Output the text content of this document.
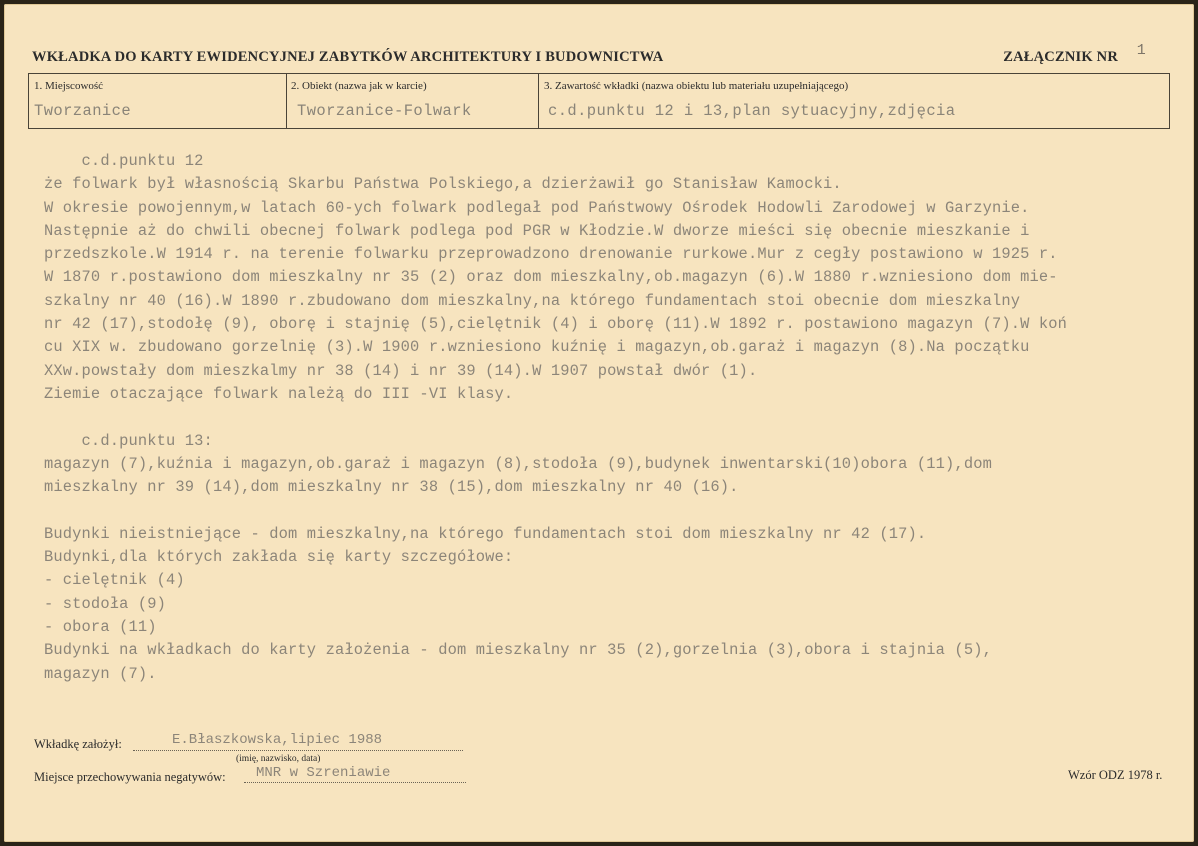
WKŁADKA DO KARTY EWIDENCYJNEJ ZABYTKÓW ARCHITEKTURY I BUDOWNICTWA	ZAŁĄCZNIK NR 1
1. Miejscowość
Tworzanice
2. Obiekt (nazwa jak w karcie)
Tworzanice-Folwark
3. Zawartość wkładki (nazwa obiektu lub materiału uzupełniającego)
c.d.punktu 12 i 13,plan sytuacyjny,zdjęcia
c.d.punktu 12
że folwark był własnością Skarbu Państwa Polskiego,a dzierżawił go Stanisław Kamocki.
W okresie powojennym,w latach 60-ych folwark podlegał pod Państwowy Ośrodek Hodowli Zarodowej w Garzynie.
Następnie aż do chwili obecnej folwark podlega pod PGR w Kłodzie.W dworze mieści się obecnie mieszkanie i
przedszkole.W 1914 r. na terenie folwarku przeprowadzono drenowanie rurkowe.Mur z cegły postawiono w 1925 r.
W 1870 r.postawiono dom mieszkalny nr 35 (2) oraz dom mieszkalny,ob.magazyn (6).W 1880 r.wzniesiono dom mie-
szkalny nr 40 (16).W 1890 r.zbudowano dom mieszkalny,na którego fundamentach stoi obecnie dom mieszkalny
nr 42 (17),stodołę (9), oborę i stajnię (5),cielętnik (4) i oborę (11).W 1892 r. postawiono magazyn (7).W koń
cu XIX w. zbudowano gorzelnię (3).W 1900 r.wzniesiono kuźnię i magazyn,ob.garaż i magazyn (8).Na początku
XXw.powstały dom mieszkalmy nr 38 (14) i nr 39 (14).W 1907 powstał dwór (1).
Ziemie otaczające folwark należą do III -VI klasy.
c.d.punktu 13:
magazyn (7),kuźnia i magazyn,ob.garaż i magazyn (8),stodoła (9),budynek inwentarski(10)obora (11),dom
mieszkalny nr 39 (14),dom mieszkalny nr 38 (15),dom mieszkalny nr 40 (16).
Budynki nieistniejące - dom mieszkalny,na którego fundamentach stoi dom mieszkalny nr 42 (17).
Budynki,dla których zakłada się karty szczegółowe:
- cielętnik (4)
- stodoła (9)
- obora (11)
Budynki na wkładkach do karty założenia - dom mieszkalny nr 35 (2),gorzelnia (3),obora i stajnia (5),
magazyn (7).
Wkładkę założył:	E.Błaszkowska,lipiec 1988
(imię, nazwisko, data)
Miejsce przechowywania negatywów: MNR w Szreniawie	Wzór ODZ 1978 r.
